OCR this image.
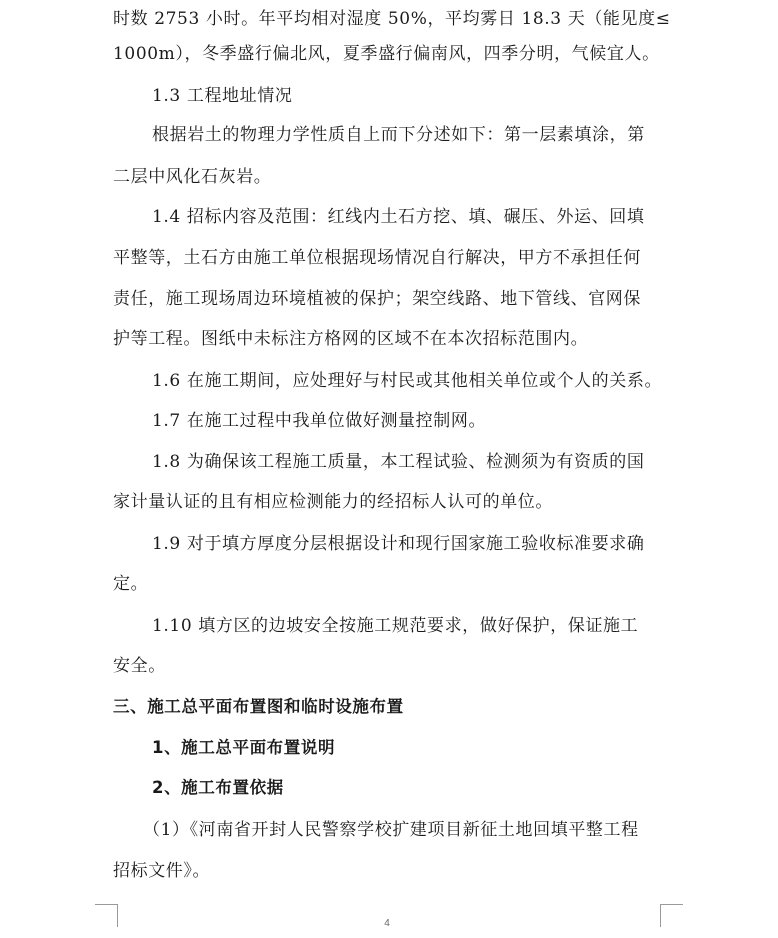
时数 2753 小时。年平均相对湿度 50%，平均雾日 18.3 天（能见度≤
1000m），冬季盛行偏北风，夏季盛行偏南风，四季分明，气候宜人。
1.3 工程地址情况
根据岩土的物理力学性质自上而下分述如下：第一层素填涂，第
二层中风化石灰岩。
1.4 招标内容及范围：红线内土石方挖、填、碾压、外运、回填
平整等，土石方由施工单位根据现场情况自行解决，甲方不承担任何
责任，施工现场周边环境植被的保护；架空线路、地下管线、官网保
护等工程。图纸中未标注方格网的区域不在本次招标范围内。
1.6 在施工期间，应处理好与村民或其他相关单位或个人的关系。
1.7 在施工过程中我单位做好测量控制网。
1.8 为确保该工程施工质量，本工程试验、检测须为有资质的国
家计量认证的且有相应检测能力的经招标人认可的单位。
1.9 对于填方厚度分层根据设计和现行国家施工验收标准要求确
定。
1.10 填方区的边坡安全按施工规范要求，做好保护，保证施工
安全。
三、施工总平面布置图和临时设施布置
1、施工总平面布置说明
2、施工布置依据
（1）《河南省开封人民警察学校扩建项目新征土地回填平整工程
招标文件》。
4
